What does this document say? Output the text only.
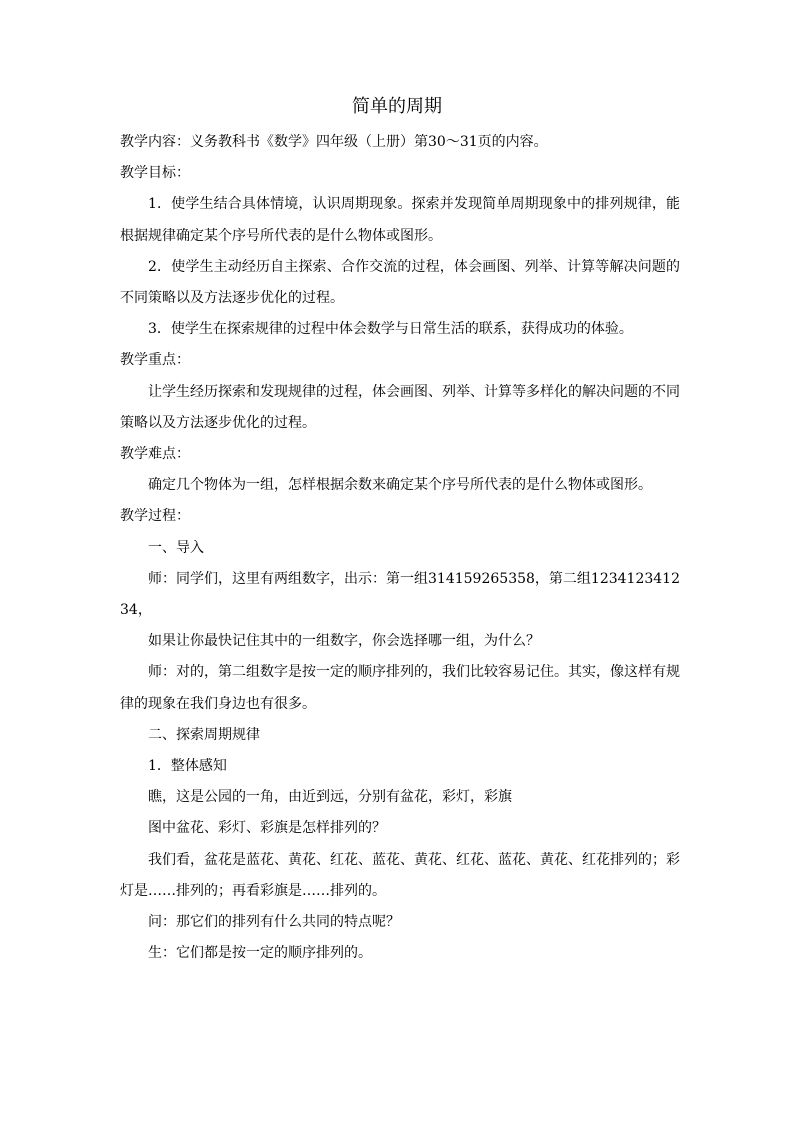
简单的周期

教学内容：义务教科书《数学》四年级（上册）第30～31页的内容。

教学目标：

1．使学生结合具体情境，认识周期现象。探索并发现简单周期现象中的排列规律，能根据规律确定某个序号所代表的是什么物体或图形。

2．使学生主动经历自主探索、合作交流的过程，体会画图、列举、计算等解决问题的不同策略以及方法逐步优化的过程。

3．使学生在探索规律的过程中体会数学与日常生活的联系，获得成功的体验。

教学重点：

让学生经历探索和发现规律的过程，体会画图、列举、计算等多样化的解决问题的不同策略以及方法逐步优化的过程。

教学难点：

确定几个物体为一组，怎样根据余数来确定某个序号所代表的是什么物体或图形。

教学过程：

一、导入

师：同学们，这里有两组数字，出示：第一组314159265358，第二组123412341234，

如果让你最快记住其中的一组数字，你会选择哪一组，为什么？

师：对的，第二组数字是按一定的顺序排列的，我们比较容易记住。其实，像这样有规律的现象在我们身边也有很多。

二、探索周期规律

1．整体感知

瞧，这是公园的一角，由近到远，分别有盆花，彩灯，彩旗

图中盆花、彩灯、彩旗是怎样排列的？

我们看，盆花是蓝花、黄花、红花、蓝花、黄花、红花、蓝花、黄花、红花排列的；彩灯是……排列的；再看彩旗是……排列的。

问：那它们的排列有什么共同的特点呢？

生：它们都是按一定的顺序排列的。
